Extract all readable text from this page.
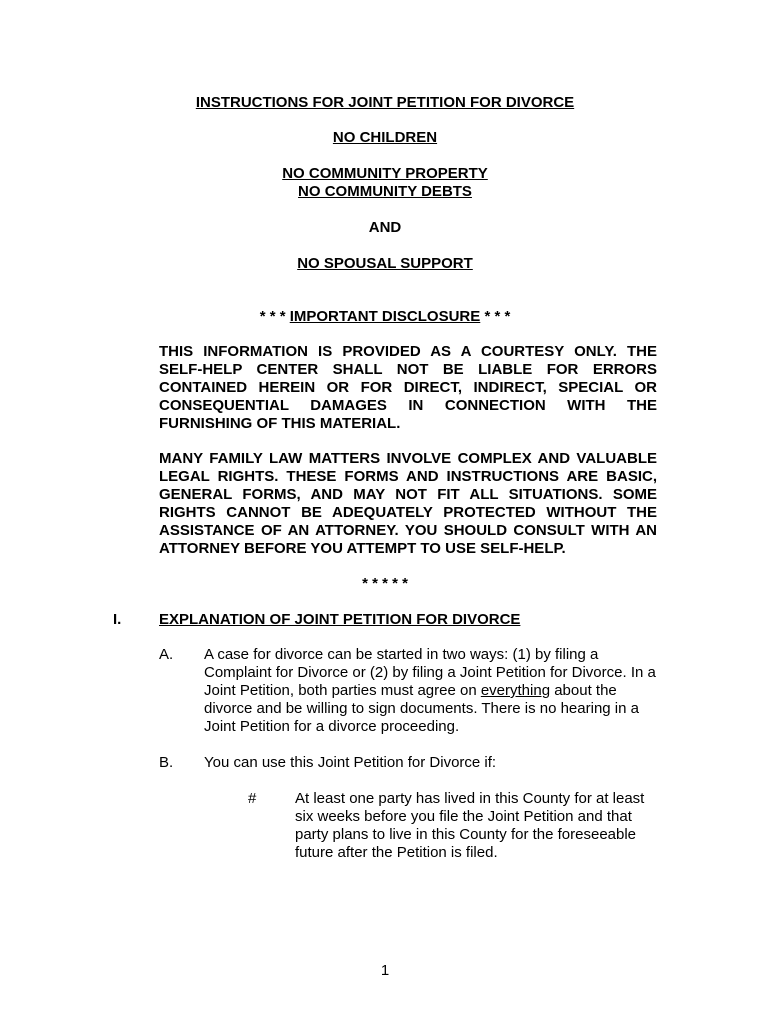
INSTRUCTIONS FOR JOINT PETITION FOR DIVORCE
NO CHILDREN
NO COMMUNITY PROPERTY
NO COMMUNITY DEBTS
AND
NO SPOUSAL SUPPORT
* * * IMPORTANT DISCLOSURE * * *
THIS INFORMATION IS PROVIDED AS A COURTESY ONLY. THE SELF-HELP CENTER SHALL NOT BE LIABLE FOR ERRORS CONTAINED HEREIN OR FOR DIRECT, INDIRECT, SPECIAL OR CONSEQUENTIAL DAMAGES IN CONNECTION WITH THE FURNISHING OF THIS MATERIAL.
MANY FAMILY LAW MATTERS INVOLVE COMPLEX AND VALUABLE LEGAL RIGHTS. THESE FORMS AND INSTRUCTIONS ARE BASIC, GENERAL FORMS, AND MAY NOT FIT ALL SITUATIONS. SOME RIGHTS CANNOT BE ADEQUATELY PROTECTED WITHOUT THE ASSISTANCE OF AN ATTORNEY. YOU SHOULD CONSULT WITH AN ATTORNEY BEFORE YOU ATTEMPT TO USE SELF-HELP.
* * * * *
I.	EXPLANATION OF JOINT PETITION FOR DIVORCE
A. A case for divorce can be started in two ways: (1) by filing a Complaint for Divorce or (2) by filing a Joint Petition for Divorce. In a Joint Petition, both parties must agree on everything about the divorce and be willing to sign documents. There is no hearing in a Joint Petition for a divorce proceeding.
B. You can use this Joint Petition for Divorce if:
#	At least one party has lived in this County for at least six weeks before you file the Joint Petition and that party plans to live in this County for the foreseeable future after the Petition is filed.
1
